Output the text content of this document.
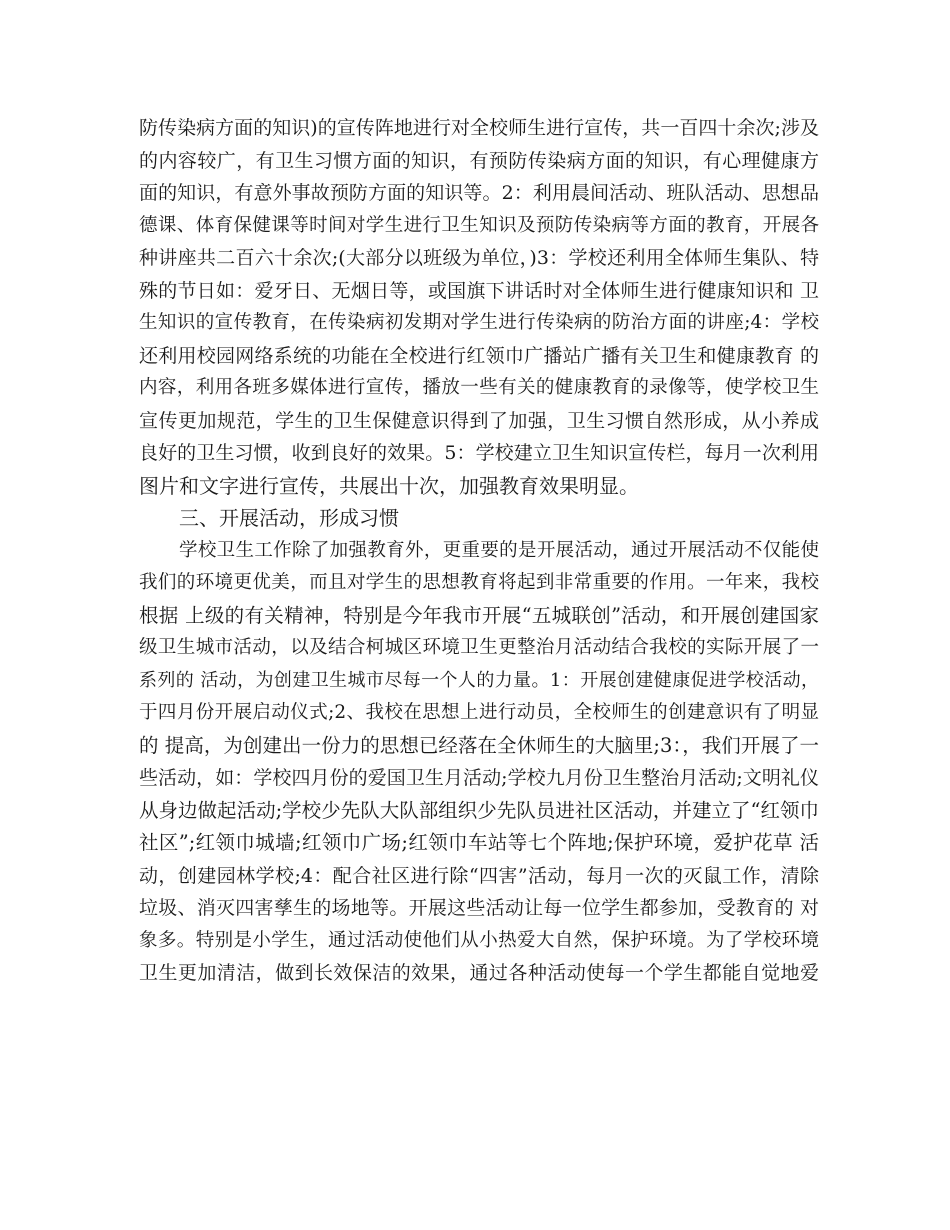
防传染病方面的知识)的宣传阵地进行对全校师生进行宣传，共一百四十余次;涉及
的内容较广，有卫生习惯方面的知识，有预防传染病方面的知识，有心理健康方
面的知识，有意外事故预防方面的知识等。2：利用晨间活动、班队活动、思想品
德课、体育保健课等时间对学生进行卫生知识及预防传染病等方面的教育，开展各
种讲座共二百六十余次;(大部分以班级为单位，)3：学校还利用全体师生集队、特
殊的节日如：爱牙日、无烟日等，或国旗下讲话时对全体师生进行健康知识和 卫
生知识的宣传教育，在传染病初发期对学生进行传染病的防治方面的讲座;4：学校
还利用校园网络系统的功能在全校进行红领巾广播站广播有关卫生和健康教育 的
内容，利用各班多媒体进行宣传，播放一些有关的健康教育的录像等，使学校卫生
宣传更加规范，学生的卫生保健意识得到了加强，卫生习惯自然形成，从小养成
良好的卫生习惯，收到良好的效果。5：学校建立卫生知识宣传栏，每月一次利用
图片和文字进行宣传，共展出十次，加强教育效果明显。
三、开展活动，形成习惯
学校卫生工作除了加强教育外，更重要的是开展活动，通过开展活动不仅能使
我们的环境更优美，而且对学生的思想教育将起到非常重要的作用。一年来，我校
根据 上级的有关精神，特别是今年我市开展“五城联创”活动，和开展创建国家
级卫生城市活动，以及结合柯城区环境卫生更整治月活动结合我校的实际开展了一
系列的 活动，为创建卫生城市尽每一个人的力量。1：开展创建健康促进学校活动，
于四月份开展启动仪式;2、我校在思想上进行动员，全校师生的创建意识有了明显
的 提高，为创建出一份力的思想已经落在全休师生的大脑里;3：，我们开展了一
些活动，如：学校四月份的爱国卫生月活动;学校九月份卫生整治月活动;文明礼仪
从身边做起活动;学校少先队大队部组织少先队员进社区活动，并建立了“红领巾
社区”;红领巾城墙;红领巾广场;红领巾车站等七个阵地;保护环境，爱护花草 活
动，创建园林学校;4：配合社区进行除“四害”活动，每月一次的灭鼠工作，清除
垃圾、消灭四害孳生的场地等。开展这些活动让每一位学生都参加，受教育的 对
象多。特别是小学生，通过活动使他们从小热爱大自然，保护环境。为了学校环境
卫生更加清洁，做到长效保洁的效果，通过各种活动使每一个学生都能自觉地爱
